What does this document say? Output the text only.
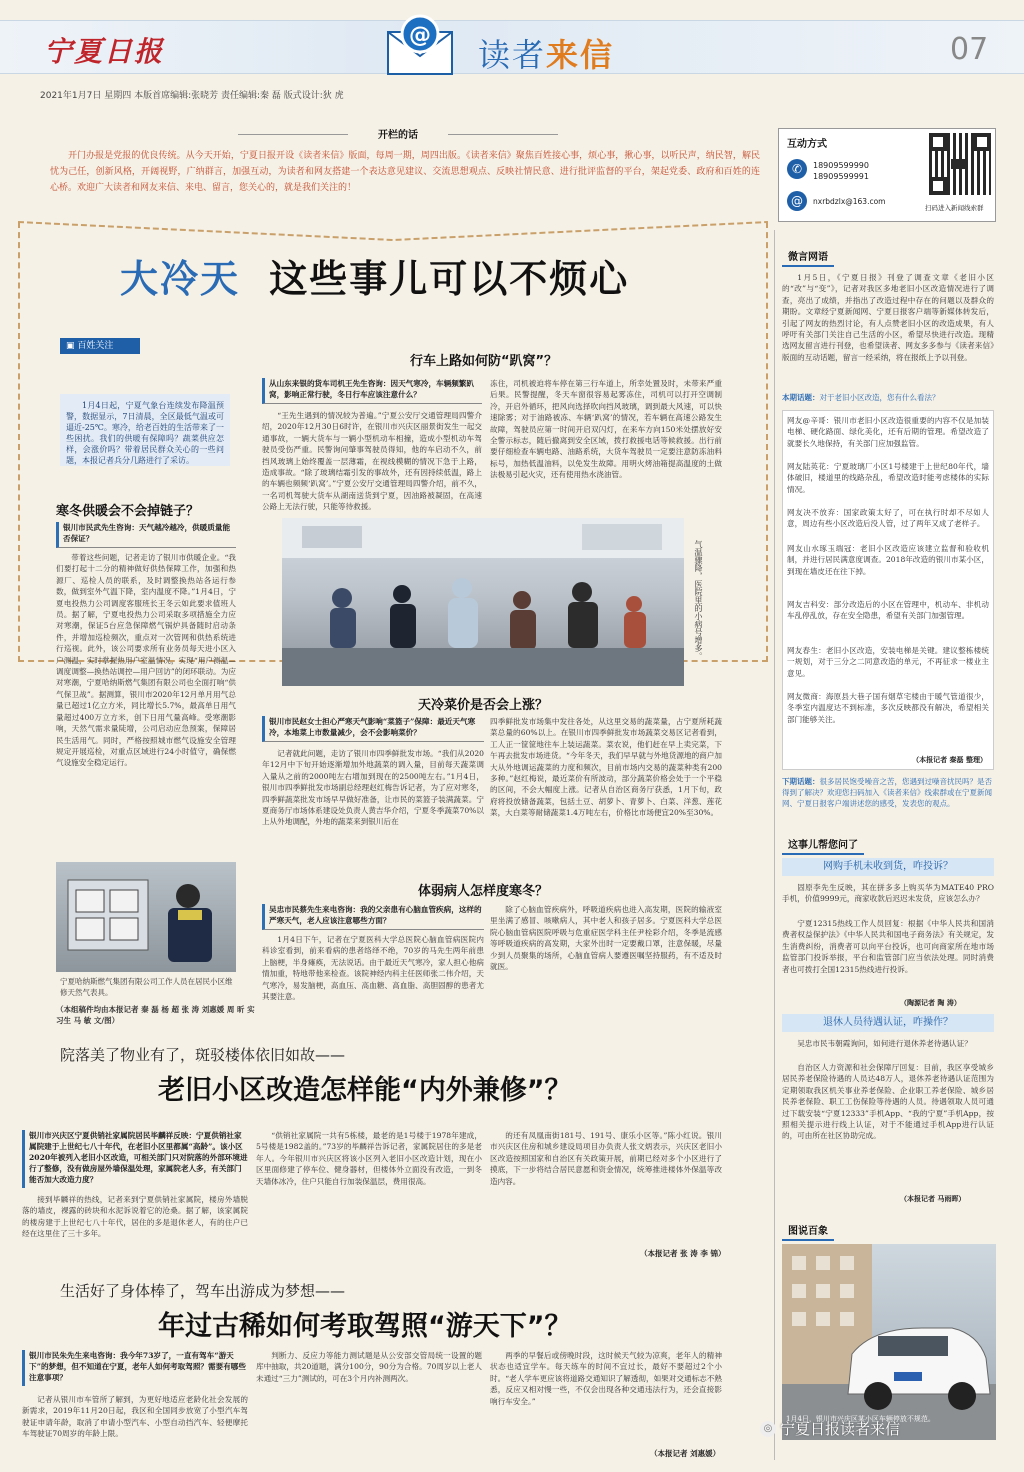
宁夏日报	@
读者来信	07
2021年1月7日 星期四 本版首席编辑:张晓芳 责任编辑:秦 磊 版式设计:狄 虎
开栏的话
开门办报是党报的优良传统。从今天开始，宁夏日报开设《读者来信》版面，每周一期，周四出版。《读者来信》聚焦百姓接心事，烦心事，揪心事，以听民声，纳民智，解民忧为己任，创新风格，开阔视野，广纳群言，加强互动，为读者和网友搭建一个表达意见建议、交流思想观点、反映社情民意、进行批评监督的平台，架起党委、政府和百姓的连心桥。欢迎广大读者和网友来信、来电、留言，您关心的，就是我们关注的！
互动方式
✆	18909599990
18909599991
@	nxrbdzlx@163.com
扫码进入新闻线索群
大冷天 这些事儿可以不烦心
▣ 百姓关注
1月4日起，宁夏气象台连续发布降温预警，数据显示，7日清晨，全区最低气温或可逼近-25℃。寒冷，给老百姓的生活带来了一些困扰。我们的供暖有保障吗？蔬菜供应怎样，会涨价吗？带着居民群众关心的一些问题，本报记者兵分几路进行了采访。
寒冬供暖会不会掉链子？
银川市民武先生咨询：天气越冷越冷，供暖质量能否保证？
带着这些问题，记者走访了银川市供暖企业。“我们要打起十二分的精神做好供热保障工作，加强和热源厂、巡检人员的联系，及时调整换热站各运行参数，做到室外气温下降，室内温度不降。”1月4日，宁夏电投热力公司调度客服班长王冬云如此要求值班人员。据了解，宁夏电投热力公司采取多项措施全力应对寒潮，保证5台应急保障燃气锅炉具备随时启动条件，并增加巡检频次，重点对一次管网和供热系统进行巡视。此外，该公司要求所有业务员每天进小区入户测温，实时掌握热用户室温情况，实现“用户测温—调度调整—换热站调控—用户回访”的闭环联动。为应对寒潮，宁夏哈纳斯燃气集团有限公司也全面打响“供气保卫战”。据测算，银川市2020年12月单月用气总量已超过1亿立方米，同比增长5.7%，最高单日用气量超过400万立方米，创下日用气量高峰。受寒潮影响，天然气需求量陡增，公司启动应急预案，保障居民生活用气。同时，严格按照城市燃气设施安全管理规定开展巡检，对重点区域进行24小时值守，确保燃气设施安全稳定运行。
行车上路如何防“趴窝”？
从山东来银的货车司机王先生咨询：因天气寒冷，车辆频繁趴窝，影响正常行驶，冬日行车应该注意什么？
“王先生遇到的情况较为普遍。”宁夏公安厅交通管理局四警介绍，2020年12月30日6时许，在银川市兴庆区丽景街发生一起交通事故，一辆大货车与一辆小型机动车相撞，造成小型机动车驾驶员受伤严重。民警询问肇事驾驶员得知，他的车启动不久，前挡风玻璃上始终覆盖一层薄霜，在视线模糊的情况下急于上路，造成事故。“除了玻璃结霜引发的事故外，还有因持续低温，路上的车辆也频频‘趴窝’。”宁夏公安厅交通管理局四警介绍，前不久，一名司机驾驶大货车从湖南送货到宁夏，因油路被凝固，在高速公路上无法行驶，只能等待救援。
冻住，司机被迫将车停在第三行车道上，所幸处置及时，未带来严重后果。民警提醒，冬天车窗很容易起雾冻住，司机可以打开空调制冷，开启外循环，把风向选择吹向挡风玻璃，调到最大风速，可以快速除雾；对于油路被冻、车辆‘趴窝’的情况，若车辆在高速公路发生故障，驾驶员应第一时间开启双闪灯，在来车方向150米处摆放好安全警示标志，随后撤离到安全区域，拨打救援电话等候救援。出行前要仔细检查车辆电路、油路系统，大货车驾驶员一定要注意防冻油料标号，加热低温油料，以免发生故障。用明火烤油箱提高温度的土做法极易引起火灾，还有使用热水浇油管。
气温骤降，医院里的小病号增多。
天冷菜价是否会上涨？
银川市民赵女士担心严寒天气影响“菜篮子”保障：最近天气寒冷，本地菜上市数量减少，会不会影响菜价？
记者就此问题，走访了银川市四季鲜批发市场。“我们从2020年12月中下旬开始逐渐增加外地蔬菜的调入量，目前每天蔬菜调入量从之前的2000吨左右增加到现在的2500吨左右。”1月4日，银川市四季鲜批发市场副总经理赵红梅告诉记者，为了应对寒冬，四季鲜蔬菜批发市场早早做好准备，让市民的菜篮子装满蔬菜。宁夏商务厅市场体系建设处负责人黄吉华介绍，宁夏冬季蔬菜70%以上从外地调配，外地的蔬菜来到银川后在
四季鲜批发市场集中发往各处，从这里交易的蔬菜量，占宁夏所耗蔬菜总量的60%以上。在银川市四季鲜批发市场蔬菜交易区记者看到，工人正一筐筐地往车上装运蔬菜。菜农说，他们赶在早上卖完菜，下午再去批发市场进货。“今年冬天，我们早早就与外地货源地的商户加大从外地调运蔬菜的力度和频次，目前市场内交易的蔬菜种类有200多种。”赵红梅说，最近菜价有所波动，部分蔬菜价格会处于一个平稳的区间，不会大幅度上涨。记者从自治区商务厅获悉，1月下旬，政府将投放储备蔬菜，包括土豆、胡萝卜、青萝卜、白菜、洋葱、莲花菜，大白菜等耐储蔬菜1.4万吨左右，价格比市场便宜20%至30%。
体弱病人怎样度寒冬？
吴忠市民蔡先生来电咨询：我的父亲患有心脑血管疾病，这样的严寒天气，老人应该注意哪些方面？
1月4日下午，记者在宁夏医科大学总医院心脑血管病医院内科诊室看到，前来看病的患者络绎不绝，70岁的马先生两年前患上脑梗，半身瘫痪，无法说话。由于最近天气寒冷，家人担心他病情加重，特地带他来检查。该院神经内科主任医师张二伟介绍，天气寒冷，易发脑梗，高血压、高血糖、高血脂、高胆固醇的患者尤其要注意。
除了心脑血管疾病外，呼吸道疾病也进入高发期，医院的输液室里坐满了感冒、咳嗽病人，其中老人和孩子居多。宁夏医科大学总医院心脑血管病医院呼吸与危重症医学科主任尹栓彩介绍，冬季是流感等呼吸道疾病的高发期，大家外出时一定要戴口罩，注意保暖，尽量少到人员聚集的场所，心脑血管病人要遵医嘱坚持服药，有不适及时就医。
宁夏哈纳斯燃气集团有限公司工作人员在居民小区维修天然气表具。
（本组稿件均由本报记者 秦 磊 杨 超 张 涛 刘惠媛 周 昕 实习生 马 敏 文/图）
院落美了物业有了，斑驳楼体依旧如故——
老旧小区改造怎样能“内外兼修”？
银川市兴庆区宁夏供销社家属院居民毕麟祥反映：宁夏供销社家属院建于上世纪七八十年代，在老旧小区里都属“高龄”。该小区2020年被列入老旧小区改造，可相关部门只对院落的外部环境进行了整修，没有做房屋外墙保温处理，家属院老人多，有关部门能否加大改造力度？
接到毕麟祥的热线，记者来到宁夏供销社家属院，楼房外墙脱落的墙皮，裸露的砖块和水泥诉说着它的沧桑。据了解，该家属院的楼房建于上世纪七八十年代，居住的多是退休老人，有的住户已经在这里住了三十多年。
“供销社家属院一共有5栋楼，最老的是1号楼于1978年建成，5号楼是1982盖的。”73岁的毕麟祥告诉记者，家属院居住的多是老年人。今年银川市兴庆区将该小区列入老旧小区改造计划，现在小区里面修建了停车位、健身器材，但楼体外立面没有改造，一到冬天墙体冰冷，住户只能自行加装保温层，费用很高。
的还有凤凰南街181号、191号、康乐小区等。”陈小红说。银川市兴庆区住房和城乡建设局项目办负责人张文炳表示，兴庆区老旧小区改造按照国家和自治区有关政策开展，前期已经对多个小区进行了摸底，下一步将结合居民意愿和资金情况，统筹推进楼体外保温等改造内容。
（本报记者 张 涛 李 锦）
生活好了身体棒了，驾车出游成为梦想——
年过古稀如何考取驾照“游天下”？
银川市民朱先生来电咨询：我今年73岁了，一直有驾车“游天下”的梦想，但不知道在宁夏，老年人如何考取驾照？需要有哪些注意事项？
记者从银川市车管所了解到，为更好地适应老龄化社会发展的新需求，2019年11月20日起，我区和全国同步放宽了小型汽车驾驶证申请年龄，取消了申请小型汽车、小型自动挡汽车、轻便摩托车驾驶证70周岁的年龄上限。
判断力、反应力等能力测试题是从公安部交管局统一设置的题库中抽取，共20道题，满分100分，90分为合格。70周岁以上老人未通过“三力”测试的，可在3个月内补测两次。
两季的早餐后或傍晚时段，这时候天气较为凉爽，老年人的精神状态也适宜学车。每天练车的时间不宜过长，最好不要超过2个小时。“老人学车更应该将道路交通知识了解透彻，如果对交通标志不熟悉，反应又相对慢一些，不仅会出现各种交通违法行为，还会直接影响行车安全。”
（本报记者 刘惠媛）
微言网语
1月5日，《宁夏日报》刊登了调查文章《老旧小区的“改”与“变”》，记者对我区多地老旧小区改造情况进行了调查，亮出了成绩，并指出了改造过程中存在的问题以及群众的期盼。文章经宁夏新闻网、宁夏日报客户端等新媒体转发后，引起了网友的热烈讨论，有人点赞老旧小区的改造成果，有人呼吁有关部门关注自己生活的小区，希望尽快进行改造。现精选网友留言进行刊登，也希望读者、网友多多参与《读者来信》版面的互动话题，留言一经采纳，将在报纸上予以刊登。
本期话题：对于老旧小区改造，您有什么看法？
网友@辛哥：银川市老旧小区改造很重要的内容不仅是加装电梯、硬化路面、绿化美化，还有后期的管理。希望改造了就要长久地保持，有关部门应加强监管。
网友陆英花：宁夏玻璃厂小区1号楼建于上世纪80年代，墙体破旧，楼道里的线路杂乱，希望改造时能考虑楼体的实际情况。
网友决不放弃：国家政策太好了，可在执行时却不尽如人意，周边有些小区改造后没人管，过了两年又成了老样子。
网友山水琢玉端冠：老旧小区改造应该建立监督和验收机制，并进行居民满意度调查。2018年改造的银川市某小区，到现在墙皮还在往下掉。
网友吉科安：部分改造后的小区在管理中，机动车、非机动车乱停乱放，存在安全隐患，希望有关部门加强管理。
网友春生：老旧小区改造，安装电梯是关键。建议整栋楼统一规划，对于三分之二同意改造的单元，不再征求一楼业主意见。
网友微商：海原县大巷子国有烟草宅楼由于暖气管道很少，冬季室内温度达不到标准，多次反映都没有解决，希望相关部门能够关注。
（本报记者 秦磊 整理）
下期话题：很多居民饱受噪音之苦，您遇到过噪音扰民吗？是否得到了解决？欢迎您扫码加入《读者来信》线索群或在宁夏新闻网、宁夏日报客户端讲述您的感受，发表您的观点。
这事儿帮您问了
网购手机未收到货，咋投诉？
固原李先生反映，其在拼多多上购买华为MATE40 PRO手机，价值9999元，商家收款后迟迟未发货，应该怎么办？
宁夏12315热线工作人员回复：根据《中华人民共和国消费者权益保护法》《中华人民共和国电子商务法》有关规定，发生消费纠纷，消费者可以向平台投诉，也可向商家所在地市场监管部门投诉举报，平台和监管部门应当依法处理。同时消费者也可拨打全国12315热线进行投诉。
（陶源记者 陶 涛）
退休人员待遇认证，咋操作？
吴忠市民韦朝霞询问，如何进行退休养老待遇认证？
自治区人力资源和社会保障厅回复：目前，我区享受城乡居民养老保险待遇的人员达48万人，退休养老待遇认证范围为定期领取我区机关事业养老保险、企业职工养老保险、城乡居民养老保险、职工工伤保险等待遇的人员。待遇领取人员可通过下载安装“宁夏12333”手机App、“我的宁夏”手机App，按照相关提示进行线上认证，对于不能通过手机App进行认证的，可由所在社区协助完成。
（本报记者 马雨晖）
图说百象
1月4日，银川市兴庆区某小区车辆停放不规范。
◎ 宁夏日报读者来信
